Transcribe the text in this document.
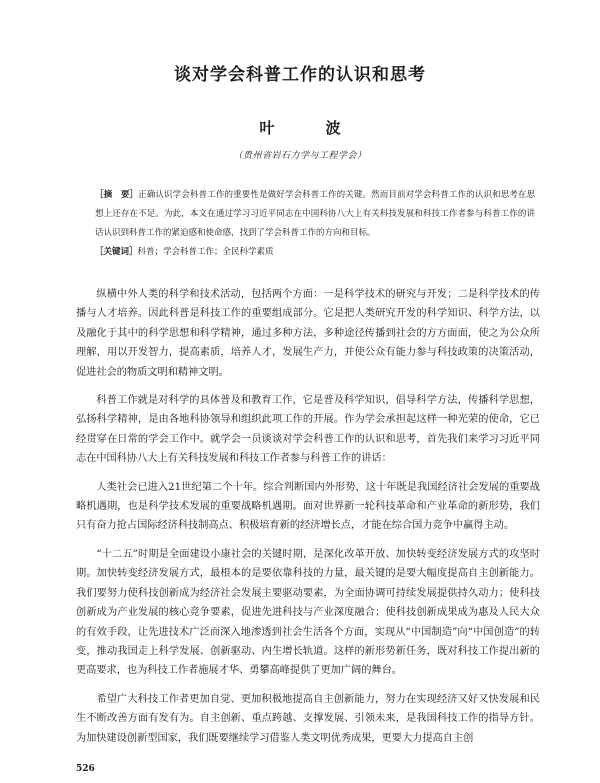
谈对学会科普工作的认识和思考
叶　波
（贵州省岩石力学与工程学会）
［摘　要］正确认识学会科普工作的重要性是做好学会科普工作的关键。然而目前对学会科普工作的认识和思考在思想上还存在不足。为此，本文在通过学习习近平同志在中国科协八大上有关科技发展和科技工作者参与科普工作的讲话认识到科普工作的紧迫感和使命感，找到了学会科普工作的方向和目标。
［关键词］科普；学会科普工作；全民科学素质

纵横中外人类的科学和技术活动，包括两个方面：一是科学技术的研究与开发；二是科学技术的传播与人才培养。因此科普是科技工作的重要组成部分。它是把人类研究开发的科学知识、科学方法，以及融化于其中的科学思想和科学精神，通过多种方法，多种途径传播到社会的方方面面，使之为公众所理解，用以开发智力，提高素质，培养人才，发展生产力，并使公众有能力参与科技政策的决策活动，促进社会的物质文明和精神文明。

科普工作就是对科学的具体普及和教育工作，它是普及科学知识，倡导科学方法，传播科学思想，弘扬科学精神，是由各地科协领导和组织此项工作的开展。作为学会承担起这样一种光荣的使命，它已经贯穿在日常的学会工作中。就学会一员谈谈对学会科普工作的认识和思考，首先我们来学习习近平同志在中国科协八大上有关科技发展和科技工作者参与科普工作的讲话：

人类社会已进入21世纪第二个十年。综合判断国内外形势，这十年既是我国经济社会发展的重要战略机遇期，也是科学技术发展的重要战略机遇期。面对世界新一轮科技革命和产业革命的新形势，我们只有奋力抢占国际经济科技制高点、积极培育新的经济增长点，才能在综合国力竞争中赢得主动。

“十二五”时期是全面建设小康社会的关键时期，是深化改革开放、加快转变经济发展方式的攻坚时期。加快转变经济发展方式，最根本的是要依靠科技的力量，最关键的是要大幅度提高自主创新能力。我们要努力使科技创新成为经济社会发展主要驱动要素，为全面协调可持续发展提供持久动力；使科技创新成为产业发展的核心竞争要素，促进先进科技与产业深度融合；使科技创新成果成为惠及人民大众的有效手段，让先进技术广泛而深入地渗透到社会生活各个方面，实现从“中国制造”向“中国创造”的转变，推动我国走上科学发展、创新驱动、内生增长轨道。这样的新形势新任务，既对科技工作提出新的更高要求，也为科技工作者施展才华、勇攀高峰提供了更加广阔的舞台。

希望广大科技工作者更加自觉、更加积极地提高自主创新能力，努力在实现经济又好又快发展和民生不断改善方面有发有为。自主创新、重点跨越、支撑发展、引领未来，是我国科技工作的指导方针。为加快建设创新型国家，我们既要继续学习借鉴人类文明优秀成果，更要大力提高自主创

526
